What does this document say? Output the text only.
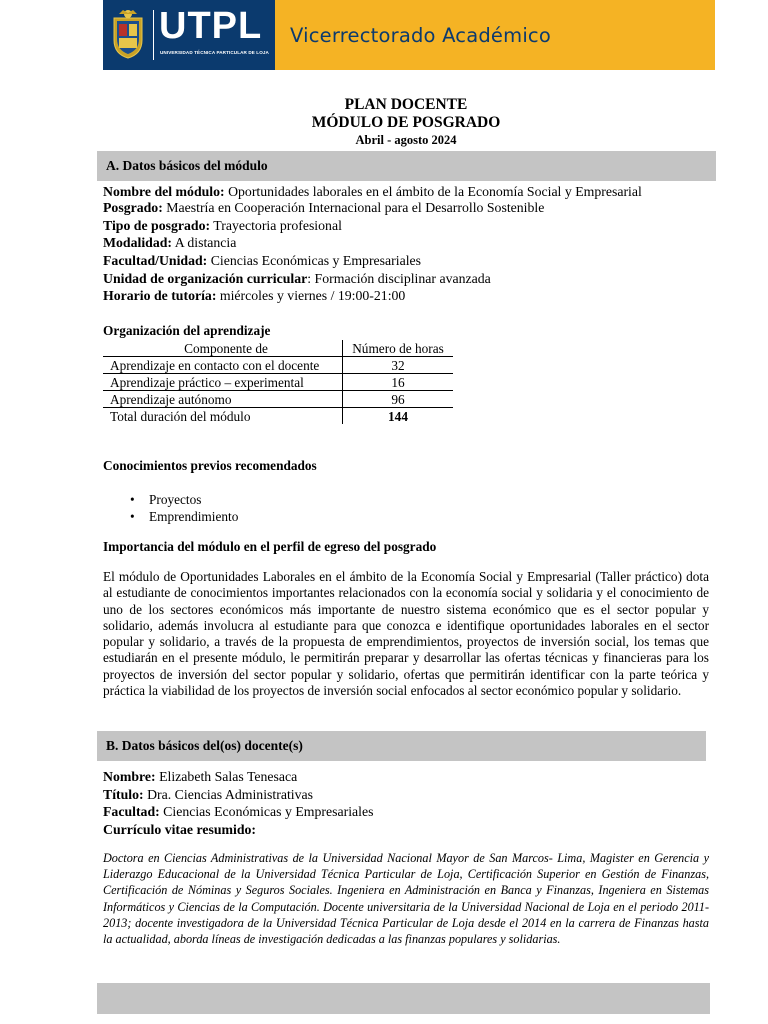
UTPL
UNIVERSIDAD TÉCNICA PARTICULAR DE LOJA
Vicerrectorado Académico
PLAN DOCENTE
MÓDULO DE POSGRADO
Abril - agosto 2024
A. Datos básicos del módulo
Nombre del módulo: Oportunidades laborales en el ámbito de la Economía Social y Empresarial
Posgrado: Maestría en Cooperación Internacional para el Desarrollo Sostenible
Tipo de posgrado: Trayectoria profesional
Modalidad: A distancia
Facultad/Unidad: Ciencias Económicas y Empresariales
Unidad de organización curricular: Formación disciplinar avanzada
Horario de tutoría: miércoles y viernes / 19:00-21:00
Organización del aprendizaje
Componente de	Número de horas
Aprendizaje en contacto con el docente	32
Aprendizaje práctico – experimental	16
Aprendizaje autónomo	96
Total duración del módulo	144
Conocimientos previos recomendados
• Proyectos
• Emprendimiento
Importancia del módulo en el perfil de egreso del posgrado
El módulo de Oportunidades Laborales en el ámbito de la Economía Social y Empresarial (Taller práctico) dota al estudiante de conocimientos importantes relacionados con la economía social y solidaria y el conocimiento de uno de los sectores económicos más importante de nuestro sistema económico que es el sector popular y solidario, además involucra al estudiante para que conozca e identifique oportunidades laborales en el sector popular y solidario, a través de la propuesta de emprendimientos, proyectos de inversión social, los temas que estudiarán en el presente módulo, le permitirán preparar y desarrollar las ofertas técnicas y financieras para los proyectos de inversión del sector popular y solidario, ofertas que permitirán identificar con la parte teórica y práctica la viabilidad de los proyectos de inversión social enfocados al sector económico popular y solidario.
B. Datos básicos del(os) docente(s)
Nombre: Elizabeth Salas Tenesaca
Título: Dra. Ciencias Administrativas
Facultad: Ciencias Económicas y Empresariales
Currículo vitae resumido:
Doctora en Ciencias Administrativas de la Universidad Nacional Mayor de San Marcos- Lima, Magister en Gerencia y Liderazgo Educacional de la Universidad Técnica Particular de Loja, Certificación Superior en Gestión de Finanzas, Certificación de Nóminas y Seguros Sociales. Ingeniera en Administración en Banca y Finanzas, Ingeniera en Sistemas Informáticos y Ciencias de la Computación. Docente universitaria de la Universidad Nacional de Loja en el periodo 2011-2013; docente investigadora de la Universidad Técnica Particular de Loja desde el 2014 en la carrera de Finanzas hasta la actualidad, aborda líneas de investigación dedicadas a las finanzas populares y solidarias.
